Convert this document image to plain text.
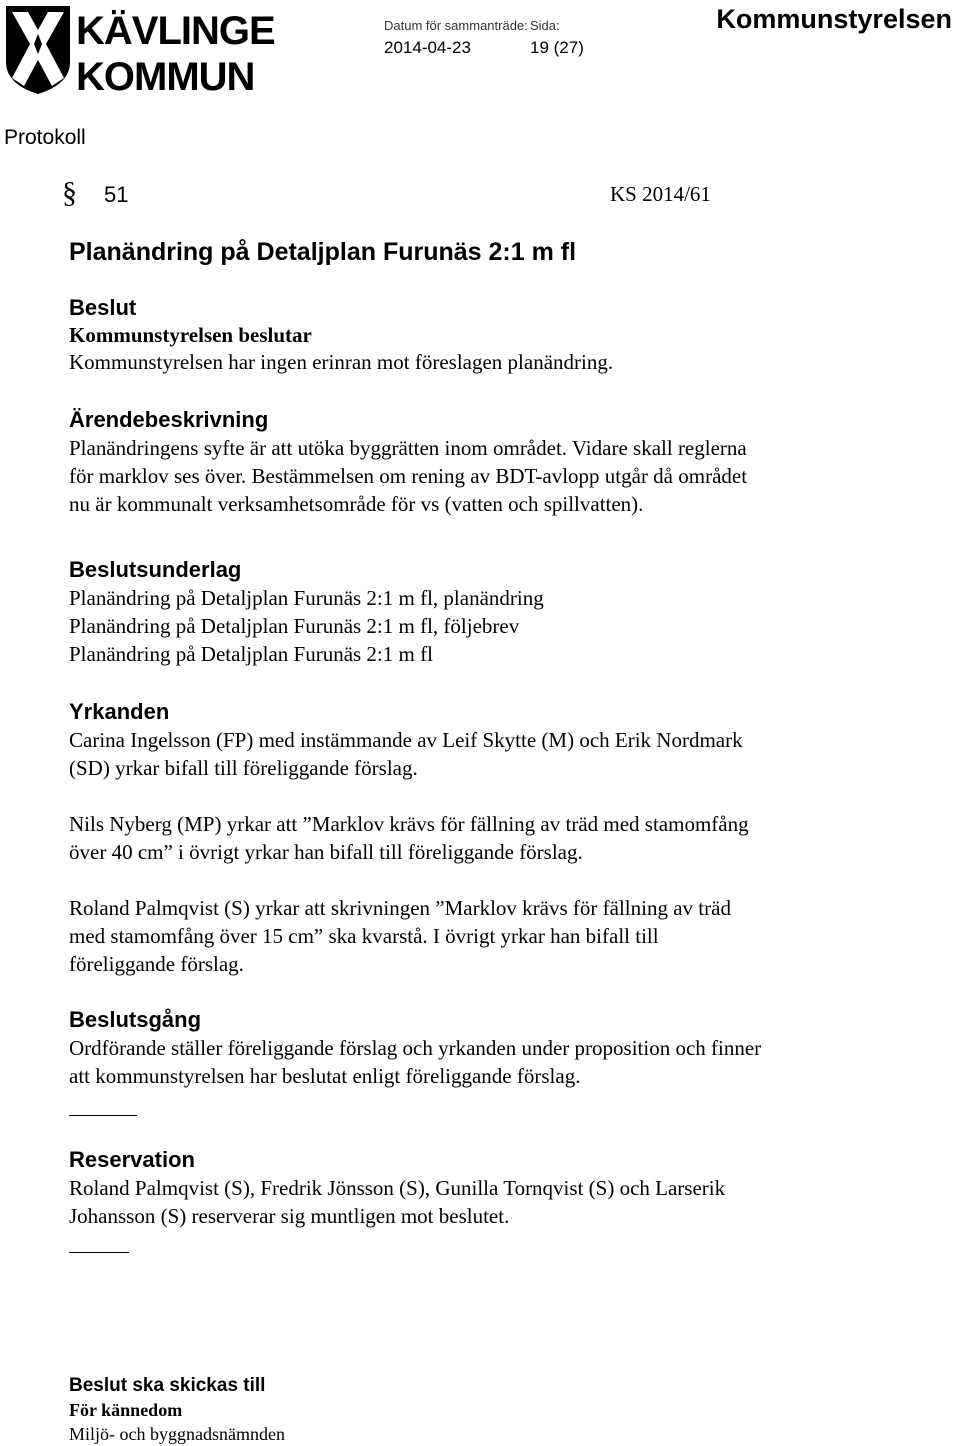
KÄVLINGE
KOMMUN
Datum för sammanträde:
2014-04-23
Sida:
19 (27)
Kommunstyrelsen
Protokoll
§ 51	KS 2014/61
Planändring på Detaljplan Furunäs 2:1 m fl
Beslut
Kommunstyrelsen beslutar

Kommunstyrelsen har ingen erinran mot föreslagen planändring.

Ärendebeskrivning

Planändringens syfte är att utöka byggrätten inom området. Vidare skall reglerna

för marklov ses över. Bestämmelsen om rening av BDT-avlopp utgår då området

nu är kommunalt verksamhetsområde för vs (vatten och spillvatten).

Beslutsunderlag

Planändring på Detaljplan Furunäs 2:1 m fl, planändring

Planändring på Detaljplan Furunäs 2:1 m fl, följebrev

Planändring på Detaljplan Furunäs 2:1 m fl

Yrkanden

Carina Ingelsson (FP) med instämmande av Leif Skytte (M) och Erik Nordmark

(SD) yrkar bifall till föreliggande förslag.

Nils Nyberg (MP) yrkar att ”Marklov krävs för fällning av träd med stamomfång

över 40 cm” i övrigt yrkar han bifall till föreliggande förslag.

Roland Palmqvist (S) yrkar att skrivningen ”Marklov krävs för fällning av träd

med stamomfång över 15 cm” ska kvarstå. I övrigt yrkar han bifall till

föreliggande förslag.

Beslutsgång

Ordförande ställer föreliggande förslag och yrkanden under proposition och finner

att kommunstyrelsen har beslutat enligt föreliggande förslag.

Reservation

Roland Palmqvist (S), Fredrik Jönsson (S), Gunilla Tornqvist (S) och Larserik

Johansson (S) reserverar sig muntligen mot beslutet.

Beslut ska skickas till
För kännedom

Miljö- och byggnadsnämnden
